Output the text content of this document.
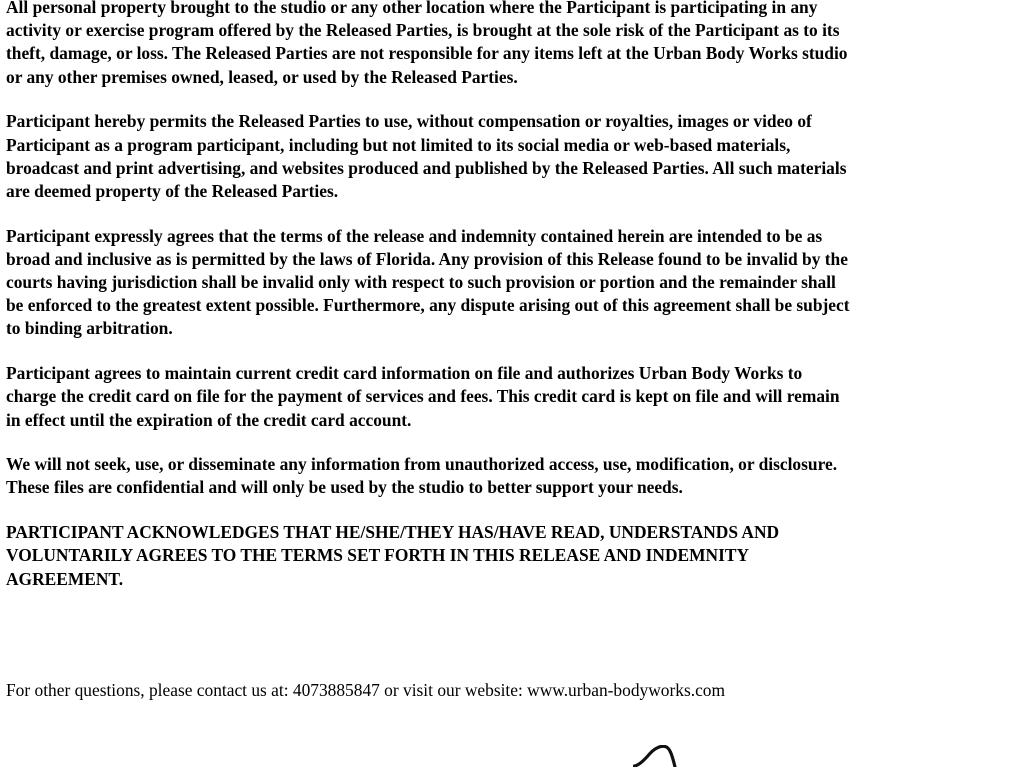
All personal property brought to the studio or any other location where the Participant is participating in any
activity or exercise program offered by the Released Parties, is brought at the sole risk of the Participant as to its
theft, damage, or loss. The Released Parties are not responsible for any items left at the Urban Body Works studio
or any other premises owned, leased, or used by the Released Parties.

Participant hereby permits the Released Parties to use, without compensation or royalties, images or video of
Participant as a program participant, including but not limited to its social media or web-based materials,
broadcast and print advertising, and websites produced and published by the Released Parties. All such materials
are deemed property of the Released Parties.

Participant expressly agrees that the terms of the release and indemnity contained herein are intended to be as
broad and inclusive as is permitted by the laws of Florida. Any provision of this Release found to be invalid by the
courts having jurisdiction shall be invalid only with respect to such provision or portion and the remainder shall
be enforced to the greatest extent possible. Furthermore, any dispute arising out of this agreement shall be subject
to binding arbitration.

Participant agrees to maintain current credit card information on file and authorizes Urban Body Works to
charge the credit card on file for the payment of services and fees. This credit card is kept on file and will remain
in effect until the expiration of the credit card account.

We will not seek, use, or disseminate any information from unauthorized access, use, modification, or disclosure.
These files are confidential and will only be used by the studio to better support your needs.

PARTICIPANT ACKNOWLEDGES THAT HE/SHE/THEY HAS/HAVE READ, UNDERSTANDS AND
VOLUNTARILY AGREES TO THE TERMS SET FORTH IN THIS RELEASE AND INDEMNITY
AGREEMENT.

For other questions, please contact us at: 4073885847 or visit our website: www.urban-bodyworks.com
